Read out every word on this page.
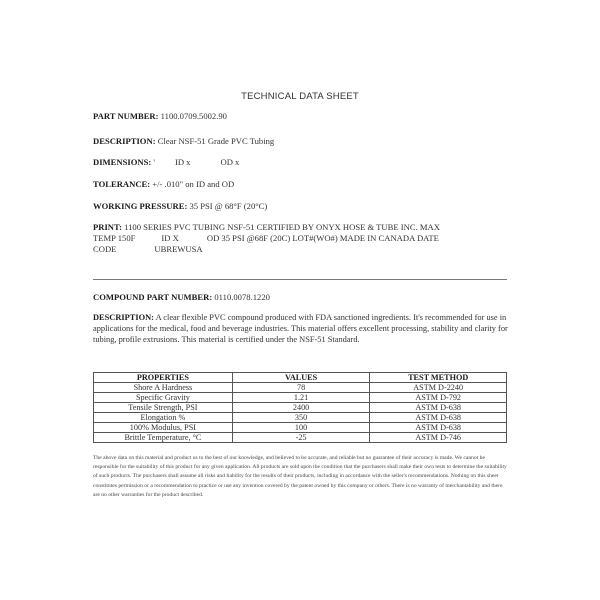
TECHNICAL DATA SHEET
PART NUMBER: 1100.0709.5002.90
DESCRIPTION: Clear NSF-51 Grade PVC Tubing
DIMENSIONS: ' ID x	OD x
TOLERANCE: +/- .010" on ID and OD
WORKING PRESSURE: 35 PSI @ 68°F (20°C)
PRINT: 1100 SERIES PVC TUBING NSF-51 CERTIFIED BY ONYX HOSE & TUBE INC. MAX
TEMP 150F	ID X	OD 35 PSI @68F (20C) LOT#(WO#) MADE IN CANADA DATE
CODE	UBREWUSA
COMPOUND PART NUMBER: 0110.0078.1220
DESCRIPTION: A clear flexible PVC compound produced with FDA sanctioned ingredients. It's recommended for use in applications for the medical, food and beverage industries. This material offers excellent processing, stability and clarity for tubing, profile extrusions. This material is certified under the NSF-51 Standard.
PROPERTIES	VALUES	TEST METHOD
Shore A Hardness	78	ASTM D-2240
Specific Gravity	1.21	ASTM D-792
Tensile Strength, PSI	2400	ASTM D-638
Elongation %	350	ASTM D-638
100% Modulus, PSI	100	ASTM D-638
Brittle Temperature, °C	-25	ASTM D-746
The above data on this material and product us to the best of our knowledge, and believed to be accurate, and reliable but no guarantee of their accuracy is made. We cannot be responsible for the suitability of this product for any given application. All products are sold upon the condition that the purchasers shall make their own tests to determine the suitability of such products. The purchasers shall assume all risks and liability for the results of their products, including in accordance with the seller's recommendations. Nothing on this sheet constitutes permission or a recommendation to practice or use any invention covered by the patent owned by this company or others. There is no warranty of merchantability and there are no other warranties for the product described.
